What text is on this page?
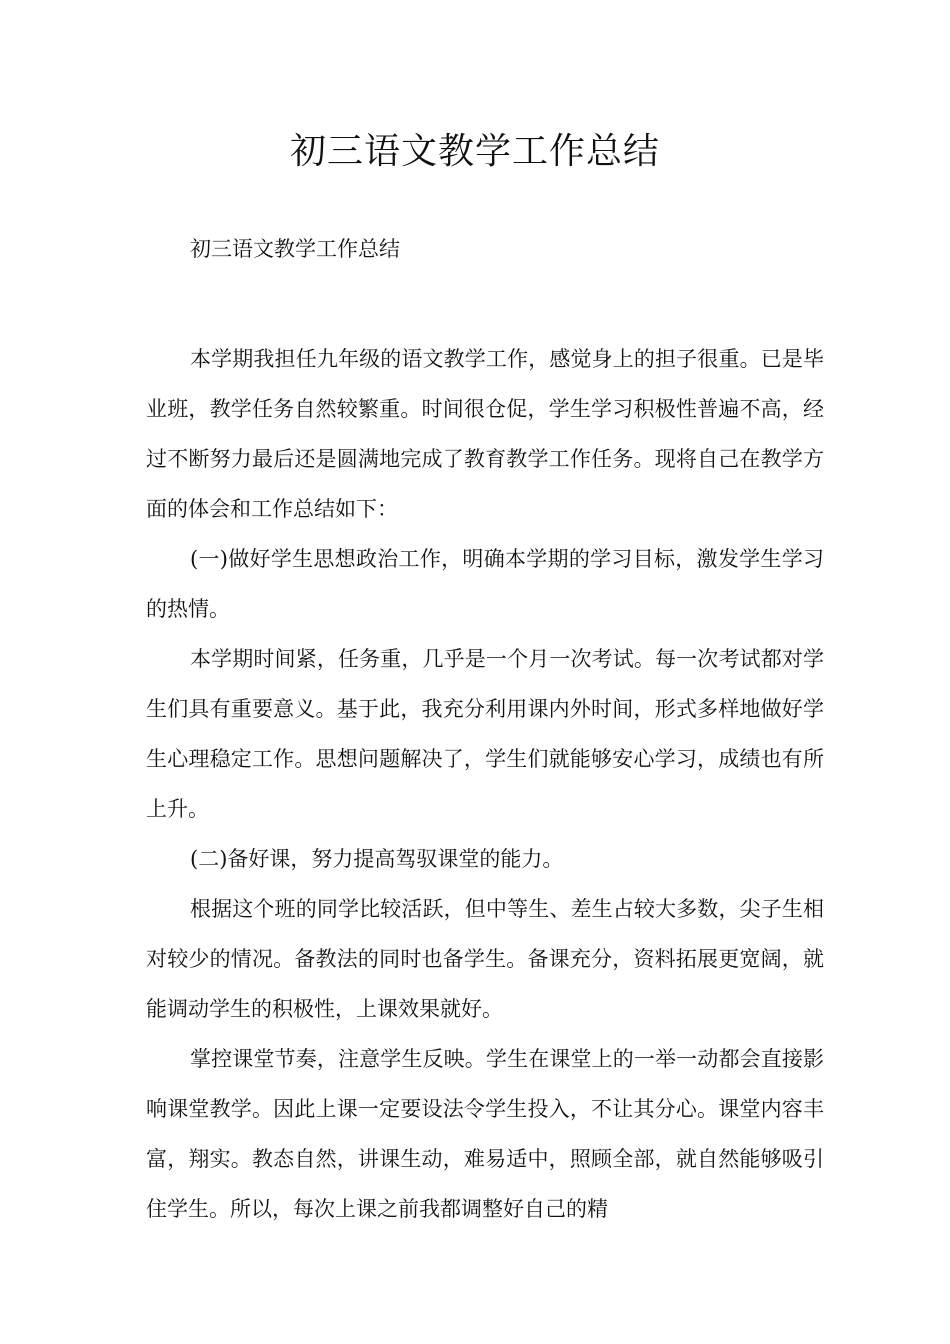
初三语文教学工作总结

初三语文教学工作总结

本学期我担任九年级的语文教学工作，感觉身上的担子很重。已是毕业班，教学任务自然较繁重。时间很仓促，学生学习积极性普遍不高，经过不断努力最后还是圆满地完成了教育教学工作任务。现将自己在教学方面的体会和工作总结如下：

(一)做好学生思想政治工作，明确本学期的学习目标，激发学生学习的热情。

本学期时间紧，任务重，几乎是一个月一次考试。每一次考试都对学生们具有重要意义。基于此，我充分利用课内外时间，形式多样地做好学生心理稳定工作。思想问题解决了，学生们就能够安心学习，成绩也有所上升。

(二)备好课，努力提高驾驭课堂的能力。

根据这个班的同学比较活跃，但中等生、差生占较大多数，尖子生相对较少的情况。备教法的同时也备学生。备课充分，资料拓展更宽阔，就能调动学生的积极性，上课效果就好。

掌控课堂节奏，注意学生反映。学生在课堂上的一举一动都会直接影响课堂教学。因此上课一定要设法令学生投入，不让其分心。课堂内容丰富，翔实。教态自然，讲课生动，难易适中，照顾全部，就自然能够吸引住学生。所以，每次上课之前我都调整好自己的精
